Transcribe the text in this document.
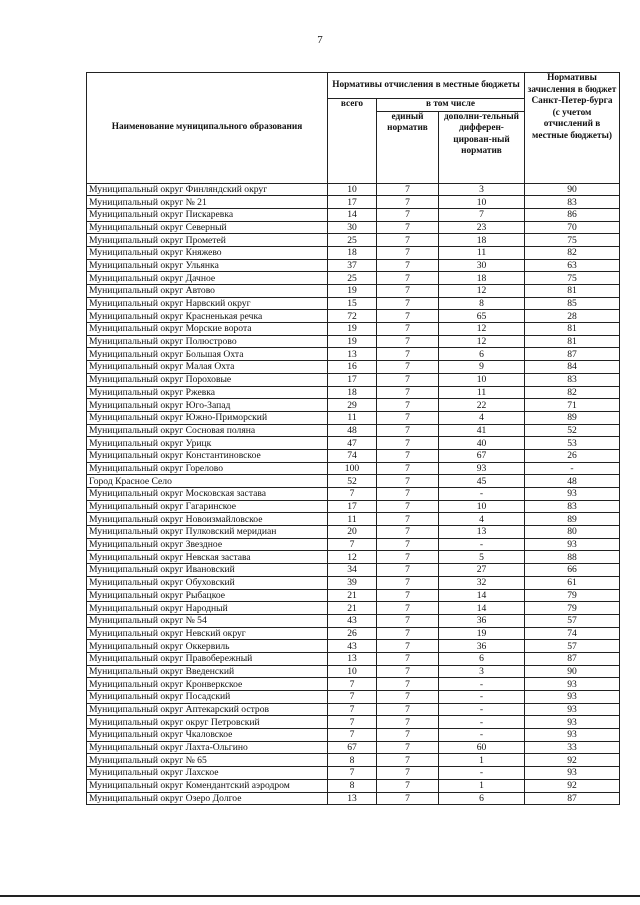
7
Наименование муниципального образования	Нормативы отчисления в местные бюджеты			Нормативы зачисления в бюджет Санкт-Петер-бурга (с учетом отчислений в местные бюджеты)
	всего	в том числе		
		единый норматив	дополни-тельный дифферен-цирован-ный норматив	
Муниципальный округ Финляндский округ	10	7	3	90
Муниципальный округ № 21	17	7	10	83
Муниципальный округ Пискаревка	14	7	7	86
Муниципальный округ Северный	30	7	23	70
Муниципальный округ Прометей	25	7	18	75
Муниципальный округ Княжево	18	7	11	82
Муниципальный округ Ульянка	37	7	30	63
Муниципальный округ Дачное	25	7	18	75
Муниципальный округ Автово	19	7	12	81
Муниципальный округ Нарвский округ	15	7	8	85
Муниципальный округ Красненькая речка	72	7	65	28
Муниципальный округ Морские ворота	19	7	12	81
Муниципальный округ Полюстрово	19	7	12	81
Муниципальный округ Большая Охта	13	7	6	87
Муниципальный округ Малая Охта	16	7	9	84
Муниципальный округ Пороховые	17	7	10	83
Муниципальный округ Ржевка	18	7	11	82
Муниципальный округ Юго-Запад	29	7	22	71
Муниципальный округ Южно-Приморский	11	7	4	89
Муниципальный округ Сосновая поляна	48	7	41	52
Муниципальный округ Урицк	47	7	40	53
Муниципальный округ Константиновское	74	7	67	26
Муниципальный округ Горелово	100	7	93	-
Город Красное Село	52	7	45	48
Муниципальный округ Московская застава	7	7	-	93
Муниципальный округ Гагаринское	17	7	10	83
Муниципальный округ Новоизмайловское	11	7	4	89
Муниципальный округ Пулковский меридиан	20	7	13	80
Муниципальный округ Звездное	7	7	-	93
Муниципальный округ Невская застава	12	7	5	88
Муниципальный округ Ивановский	34	7	27	66
Муниципальный округ Обуховский	39	7	32	61
Муниципальный округ Рыбацкое	21	7	14	79
Муниципальный округ Народный	21	7	14	79
Муниципальный округ № 54	43	7	36	57
Муниципальный округ Невский округ	26	7	19	74
Муниципальный округ Оккервиль	43	7	36	57
Муниципальный округ Правобережный	13	7	6	87
Муниципальный округ Введенский	10	7	3	90
Муниципальный округ Кронверкское	7	7	-	93
Муниципальный округ Посадский	7	7	-	93
Муниципальный округ Аптекарский остров	7	7	-	93
Муниципальный округ округ Петровский	7	7	-	93
Муниципальный округ Чкаловское	7	7	-	93
Муниципальный округ Лахта-Ольгино	67	7	60	33
Муниципальный округ № 65	8	7	1	92
Муниципальный округ Лахское	7	7	-	93
Муниципальный округ Комендантский аэродром	8	7	1	92
Муниципальный округ Озеро Долгое	13	7	6	87
